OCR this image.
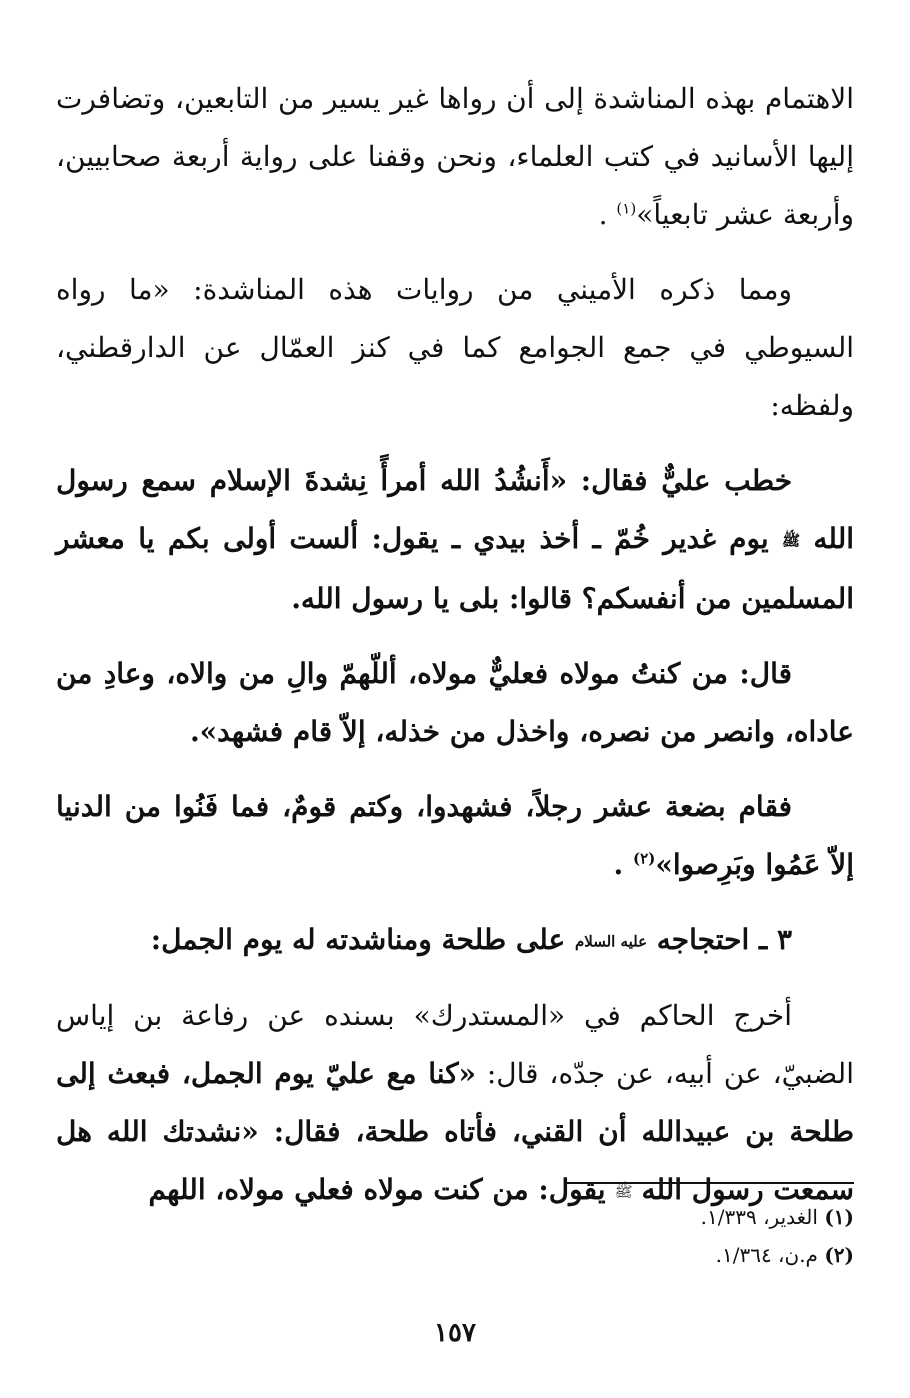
الاهتمام بهذه المناشدة إلى أن رواها غير يسير من التابعين، وتضافرت إليها الأسانيد في كتب العلماء، ونحن وقفنا على رواية أربعة صحابيين، وأربعة عشر تابعياً»$^{(١)}$ .

ومما ذكره الأميني من روايات هذه المناشدة: «ما رواه السيوطي في جمع الجوامع كما في كنز العمّال عن الدارقطني، ولفظه:

خطب عليٌّ فقال: «أَنشُدُ الله أمرأً نِشدةَ الإسلام سمع رسول الله ﷺ يوم غدير خُمّ ـ أخذ بيدي ـ يقول: ألست أولى بكم يا معشر المسلمين من أنفسكم؟ قالوا: بلى يا رسول الله.

قال: من كنتُ مولاه فعليٌّ مولاه، أللّهمّ والِ من والاه، وعادِ من عاداه، وانصر من نصره، واخذل من خذله، إلاّ قام فشهد».

فقام بضعة عشر رجلاً، فشهدوا، وكتم قومٌ، فما فَنُوا من الدنيا إلاّ عَمُوا وبَرِصوا»$^{(٢)}$ .

٣ ـ احتجاجه عليه السلام على طلحة ومناشدته له يوم الجمل:

أخرج الحاكم في «المستدرك» بسنده عن رفاعة بن إياس الضبيّ، عن أبيه، عن جدّه، قال: «كنا مع عليّ يوم الجمل، فبعث إلى طلحة بن عبيدالله أن القني، فأتاه طلحة، فقال: «نشدتك الله هل سمعت رسول الله ﷺ يقول: من كنت مولاه فعلي مولاه، اللهم

(١) الغدير، ١/٣٣٩.
(٢) م.ن، ١/٣٦٤.
١٥٧
